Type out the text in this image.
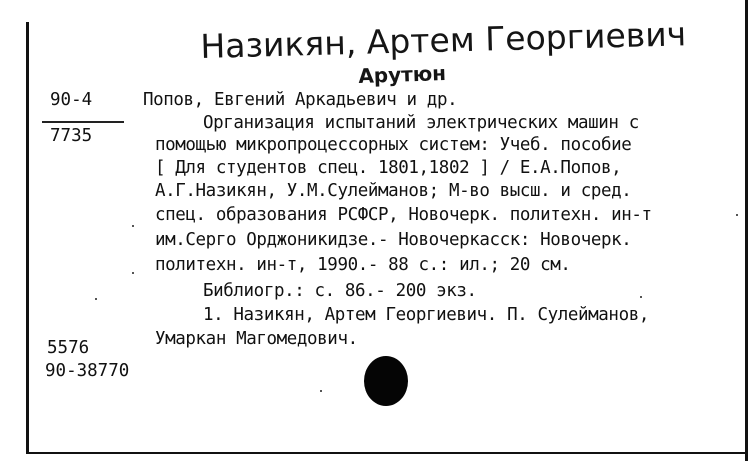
Назикян, Артем Георгиевич
Арутюн
90-4
7735
5576
90-38770
Попов, Евгений Аркадьевич и др.
Организация испытаний электрических машин с
помощью микропроцессорных систем: Учеб. пособие
[ Для студентов спец. 1801,1802 ] / Е.А.Попов,
А.Г.Назикян, У.М.Сулейманов; М-во высш. и сред.
спец. образования РСФСР, Новочерк. политехн. ин-т
им.Серго Орджоникидзе.- Новочеркасск: Новочерк.
политехн. ин-т, 1990.- 88 с.: ил.; 20 см.
Библиогр.: с. 86.- 200 экз.
1. Назикян, Артем Георгиевич. П. Сулейманов,
Умаркан Магомедович.
